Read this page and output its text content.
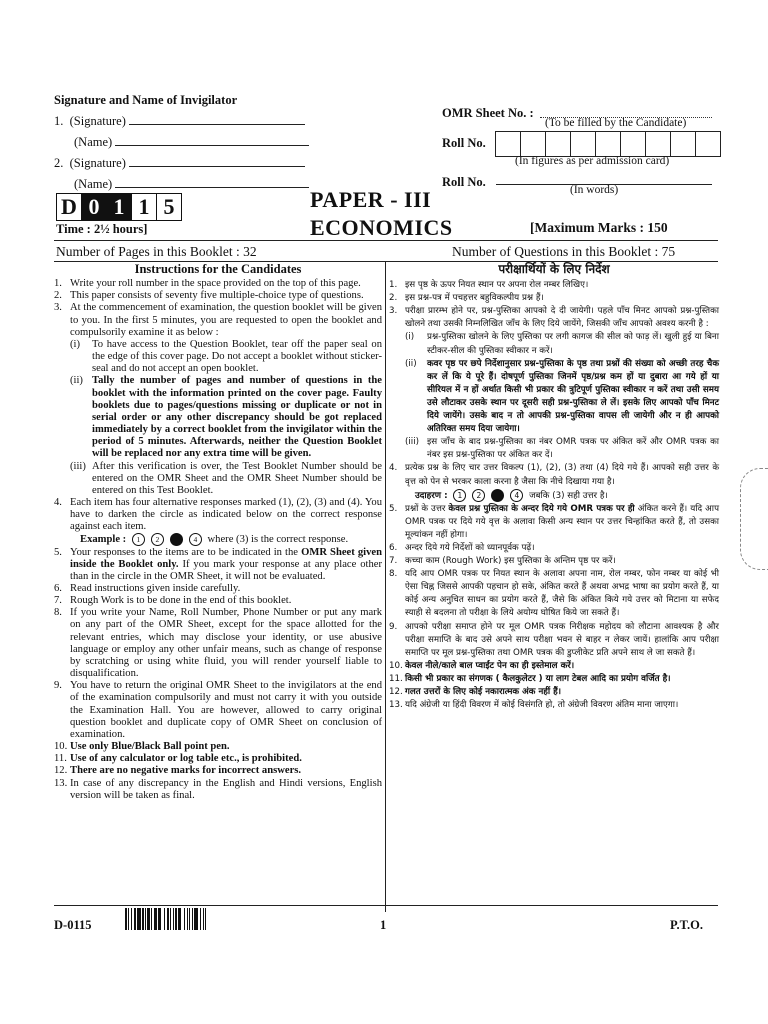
Signature and Name of Invigilator
1. (Signature)
(Name)
2. (Signature)
(Name)
OMR Sheet No. :
(To be filled by the Candidate)
Roll No.
(In figures as per admission card)
Roll No.
(In words)
D 0 1 1 5	PAPER - III
ECONOMICS
Time : 2½ hours]	[Maximum Marks : 150
Number of Pages in this Booklet : 32	Number of Questions in this Booklet : 75
Instructions for the Candidates
1. Write your roll number in the space provided on the top of this page.
2. This paper consists of seventy five multiple-choice type of questions.
3. At the commencement of examination, the question booklet will be given to you. In the first 5 minutes, you are requested to open the booklet and compulsorily examine it as below :
(i)	To have access to the Question Booklet, tear off the paper seal on the edge of this cover page. Do not accept a booklet without sticker-seal and do not accept an open booklet.
(ii) Tally the number of pages and number of questions in the booklet with the information printed on the cover page. Faulty booklets due to pages/questions missing or duplicate or not in serial order or any other discrepancy should be got replaced immediately by a correct booklet from the invigilator within the period of 5 minutes. Afterwards, neither the Question Booklet will be replaced nor any extra time will be given.
(iii) After this verification is over, the Test Booklet Number should be entered on the OMR Sheet and the OMR Sheet Number should be entered on this Test Booklet.
4. Each item has four alternative responses marked (1), (2), (3) and (4). You have to darken the circle as indicated below on the correct response against each item.
Example : 1 2	4 where (3) is the correct response.
5. Your responses to the items are to be indicated in the OMR Sheet given inside the Booklet only. If you mark your response at any place other than in the circle in the OMR Sheet, it will not be evaluated.
6. Read instructions given inside carefully.
7. Rough Work is to be done in the end of this booklet.
8. If you write your Name, Roll Number, Phone Number or put any mark on any part of the OMR Sheet, except for the space allotted for the relevant entries, which may disclose your identity, or use abusive language or employ any other unfair means, such as change of response by scratching or using white fluid, you will render yourself liable to disqualification.
9. You have to return the original OMR Sheet to the invigilators at the end of the examination compulsorily and must not carry it with you outside the Examination Hall. You are however, allowed to carry original question booklet and duplicate copy of OMR Sheet on conclusion of examination.
10. Use only Blue/Black Ball point pen.
11. Use of any calculator or log table etc., is prohibited.
12. There are no negative marks for incorrect answers.
13. In case of any discrepancy in the English and Hindi versions, English version will be taken as final.
परीक्षार्थियों के लिए निर्देश
1. इस पृष्ठ के ऊपर नियत स्थान पर अपना रोल नम्बर लिखिए।
2. इस प्रश्न-पत्र में पचहत्तर बहुविकल्पीय प्रश्न हैं।
3. परीक्षा प्रारम्भ होने पर, प्रश्न-पुस्तिका आपको दे दी जायेगी। पहले पाँच मिनट आपको प्रश्न-पुस्तिका खोलने तथा उसकी निम्नलिखित जाँच के लिए दिये जायेंगे, जिसकी जाँच आपको अवश्य करनी है :
(i)	प्रश्न-पुस्तिका खोलने के लिए पुस्तिका पर लगी कागज की सील को फाड़ लें। खुली हुई या बिना स्टीकर-सील की पुस्तिका स्वीकार न करें।
(ii)	कवर पृष्ठ पर छपे निर्देशानुसार प्रश्न-पुस्तिका के पृष्ठ तथा प्रश्नों की संख्या को अच्छी तरह चैक कर लें कि ये पूरे हैं। दोषपूर्ण पुस्तिका जिनमें पृष्ठ/प्रश्न कम हों या दुबारा आ गये हों या सीरियल में न हों अर्थात किसी भी प्रकार की त्रुटिपूर्ण पुस्तिका स्वीकार न करें तथा उसी समय उसे लौटाकर उसके स्थान पर दूसरी सही प्रश्न-पुस्तिका ले लें। इसके लिए आपको पाँच मिनट दिये जायेंगे। उसके बाद न तो आपकी प्रश्न-पुस्तिका वापस ली जायेगी और न ही आपको अतिरिक्त समय दिया जायेगा।
(iii) इस जाँच के बाद प्रश्न-पुस्तिका का नंबर OMR पत्रक पर अंकित करें और OMR पत्रक का नंबर इस प्रश्न-पुस्तिका पर अंकित कर दें।
4. प्रत्येक प्रश्न के लिए चार उत्तर विकल्प (1), (2), (3) तथा (4) दिये गये हैं। आपको सही उत्तर के वृत्त को पेन से भरकर काला करना है जैसा कि नीचे दिखाया गया है।
उदाहरण : 1 2	4 जबकि (3) सही उत्तर है।
5. प्रश्नों के उत्तर केवल प्रश्न पुस्तिका के अन्दर दिये गये OMR पत्रक पर ही अंकित करने हैं। यदि आप OMR पत्रक पर दिये गये वृत्त के अलावा किसी अन्य स्थान पर उत्तर चिन्हांकित करते हैं, तो उसका मूल्यांकन नहीं होगा।
6. अन्दर दिये गये निर्देशों को ध्यानपूर्वक पढ़ें।
7. कच्चा काम (Rough Work) इस पुस्तिका के अन्तिम पृष्ठ पर करें।
8. यदि आप OMR पत्रक पर नियत स्थान के अलावा अपना नाम, रोल नम्बर, फोन नम्बर या कोई भी ऐसा चिह्न जिससे आपकी पहचान हो सके, अंकित करते हैं अथवा अभद्र भाषा का प्रयोग करते हैं, या कोई अन्य अनुचित साधन का प्रयोग करते हैं, जैसे कि अंकित किये गये उत्तर को मिटाना या सफेद स्याही से बदलना तो परीक्षा के लिये अयोग्य घोषित किये जा सकते हैं।
9. आपको परीक्षा समाप्त होने पर मूल OMR पत्रक निरीक्षक महोदय को लौटाना आवश्यक है और परीक्षा समाप्ति के बाद उसे अपने साथ परीक्षा भवन से बाहर न लेकर जायें। हालांकि आप परीक्षा समाप्ति पर मूल प्रश्न-पुस्तिका तथा OMR पत्रक की डुप्लीकेट प्रति अपने साथ ले जा सकते हैं।
10. केवल नीले/काले बाल प्वाईंट पेन का ही इस्तेमाल करें।
11. किसी भी प्रकार का संगणक ( कैलकुलेटर ) या लाग टेबल आदि का प्रयोग वर्जित है।
12. गलत उत्तरों के लिए कोई नकारात्मक अंक नहीं हैं।
13. यदि अंग्रेजी या हिंदी विवरण में कोई विसंगति हो, तो अंग्रेजी विवरण अंतिम माना जाएगा।
D-0115	1	P.T.O.
